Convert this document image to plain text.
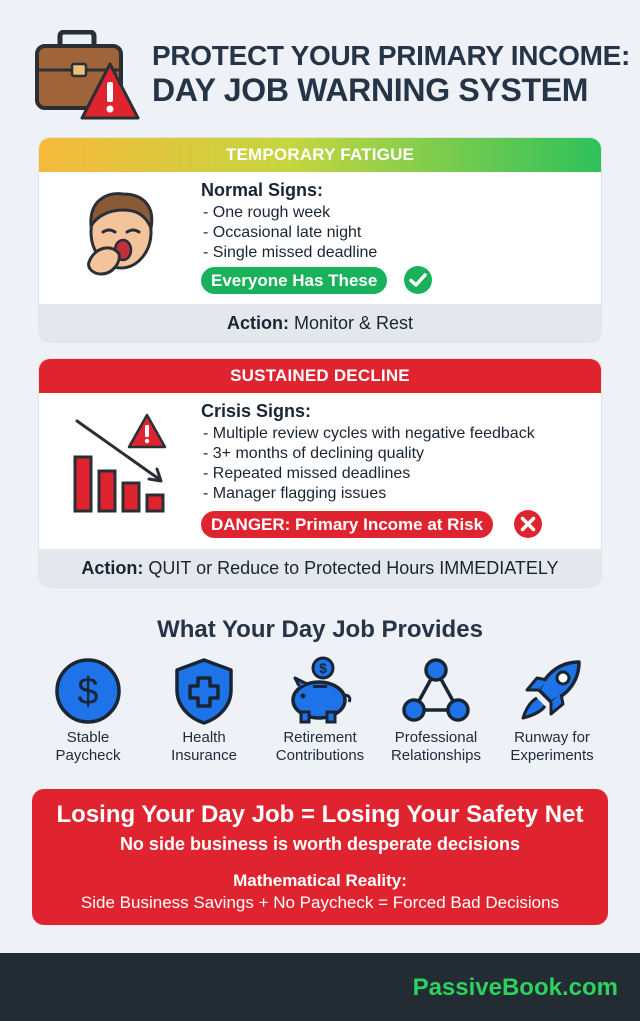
PROTECT YOUR PRIMARY INCOME:
DAY JOB WARNING SYSTEM
TEMPORARY FATIGUE
Normal Signs:
- One rough week
- Occasional late night
- Single missed deadline
Everyone Has These
Action: Monitor & Rest
SUSTAINED DECLINE
Crisis Signs:
- Multiple review cycles with negative feedback
- 3+ months of declining quality
- Repeated missed deadlines
- Manager flagging issues
DANGER: Primary Income at Risk
Action: QUIT or Reduce to Protected Hours IMMEDIATELY
What Your Day Job Provides
$
Stable
Paycheck
Health
Insurance
$
Retirement
Contributions
Professional
Relationships
Runway for
Experiments
Losing Your Day Job = Losing Your Safety Net
No side business is worth desperate decisions
Mathematical Reality:
Side Business Savings + No Paycheck = Forced Bad Decisions
PassiveBook.com
